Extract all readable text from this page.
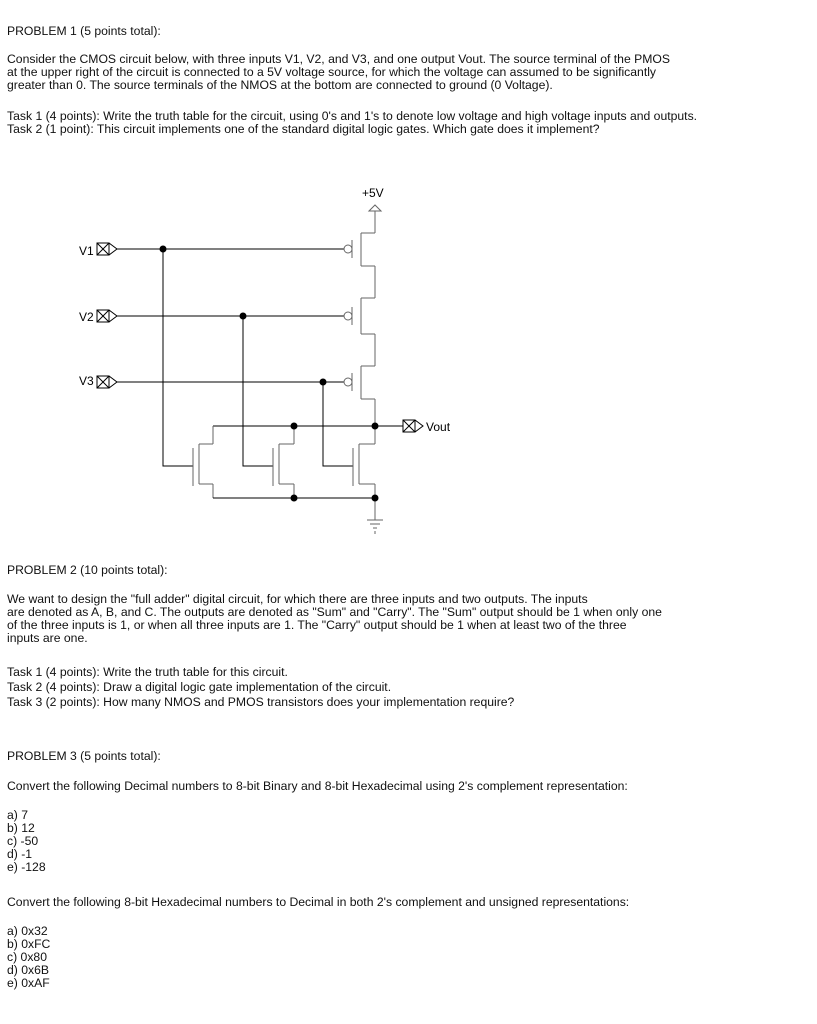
PROBLEM 1 (5 points total):
Consider the CMOS circuit below, with three inputs V1, V2, and V3, and one output Vout. The source terminal of the PMOS
at the upper right of the circuit is connected to a 5V voltage source, for which the voltage can assumed to be significantly
greater than 0. The source terminals of the NMOS at the bottom are connected to ground (0 Voltage).
Task 1 (4 points): Write the truth table for the circuit, using 0's and 1's to denote low voltage and high voltage inputs and outputs.
Task 2 (1 point): This circuit implements one of the standard digital logic gates. Which gate does it implement?
+5V
V1
V2
V3
Vout
PROBLEM 2 (10 points total):
We want to design the "full adder" digital circuit, for which there are three inputs and two outputs. The inputs
are denoted as A, B, and C. The outputs are denoted as "Sum" and "Carry". The "Sum" output should be 1 when only one
of the three inputs is 1, or when all three inputs are 1. The "Carry" output should be 1 when at least two of the three
inputs are one.
Task 1 (4 points): Write the truth table for this circuit.
Task 2 (4 points): Draw a digital logic gate implementation of the circuit.
Task 3 (2 points): How many NMOS and PMOS transistors does your implementation require?
PROBLEM 3 (5 points total):
Convert the following Decimal numbers to 8-bit Binary and 8-bit Hexadecimal using 2's complement representation:
a) 7
b) 12
c) -50
d) -1
e) -128
Convert the following 8-bit Hexadecimal numbers to Decimal in both 2's complement and unsigned representations:
a) 0x32
b) 0xFC
c) 0x80
d) 0x6B
e) 0xAF
